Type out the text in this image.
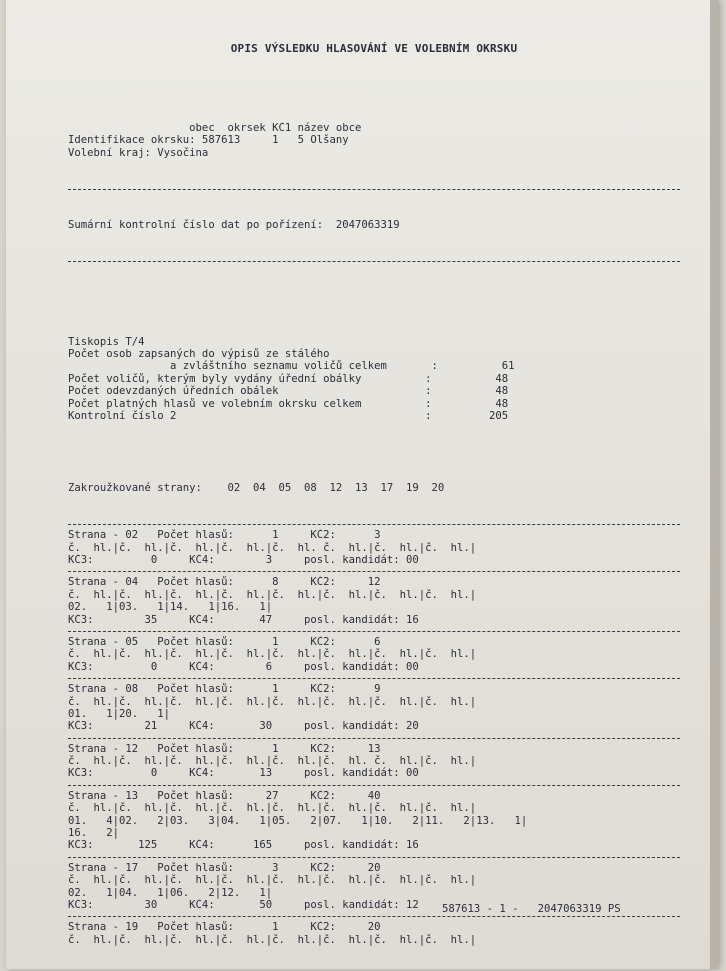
OPIS VÝSLEDKU HLASOVÁNÍ VE VOLEBNÍM OKRSKU

obec  okrsek KČ1 název obce
Identifikace okrsku: 587613     1   5 Olšany
Volební kraj: Vysočina

Sumární kontrolní číslo dat po pořízení:  2047063319

Tiskopis T/4
Počet osob zapsaných do výpisů ze stálého
a zvláštního seznamu voličů celkem       :          61
Počet voličů, kterým byly vydány úřední obálky          :          48
Počet odevzdaných úředních obálek                       :          48
Počet platných hlasů ve volebním okrsku celkem          :          48
Kontrolní číslo 2                                       :         205

Zakroužkované strany:    02  04  05  08  12  13  17  19  20

Strana - 02   Počet hlasů:      1     KČ2:      3
č.  hl.|č.  hl.|č.  hl.|č.  hl.|č.  hl. č.  hl.|č.  hl.|č.  hl.|
KČ3:         0     KČ4:        3     posl. kandidát: 00
Strana - 04   Počet hlasů:      8     KČ2:     12
č.  hl.|č.  hl.|č.  hl.|č.  hl.|č.  hl.|č.  hl.|č.  hl.|č.  hl.|
02.   1|03.   1|14.   1|16.   1|
KČ3:        35     KČ4:       47     posl. kandidát: 16
Strana - 05   Počet hlasů:      1     KČ2:      6
č.  hl.|č.  hl.|č.  hl.|č.  hl.|č.  hl.|č.  hl.|č.  hl.|č.  hl.|
KČ3:         0     KČ4:        6     posl. kandidát: 00
Strana - 08   Počet hlasů:      1     KČ2:      9
č.  hl.|č.  hl.|č.  hl.|č.  hl.|č.  hl.|č.  hl.|č.  hl.|č.  hl.|
01.   1|20.   1|
KČ3:        21     KČ4:       30     posl. kandidát: 20
Strana - 12   Počet hlasů:      1     KČ2:     13
č.  hl.|č.  hl.|č.  hl.|č.  hl.|č.  hl.|č.  hl. č.  hl.|č.  hl.|
KČ3:         0     KČ4:       13     posl. kandidát: 00
Strana - 13   Počet hlasů:     27     KČ2:     40
č.  hl.|č.  hl.|č.  hl.|č.  hl.|č.  hl.|č.  hl.|č.  hl.|č.  hl.|
01.   4|02.   2|03.   3|04.   1|05.   2|07.   1|10.   2|11.   2|13.   1|
16.   2|
KČ3:       125     KČ4:      165     posl. kandidát: 16
Strana - 17   Počet hlasů:      3     KČ2:     20
č.  hl.|č.  hl.|č.  hl.|č.  hl.|č.  hl.|č.  hl.|č.  hl.|č.  hl.|
02.   1|04.   1|06.   2|12.   1|
KČ3:        30     KČ4:       50     posl. kandidát: 12
Strana - 19   Počet hlasů:      1     KČ2:     20
č.  hl.|č.  hl.|č.  hl.|č.  hl.|č.  hl.|č.  hl.|č.  hl.|č.  hl.|

587613 - 1 -   2047063319 PS
